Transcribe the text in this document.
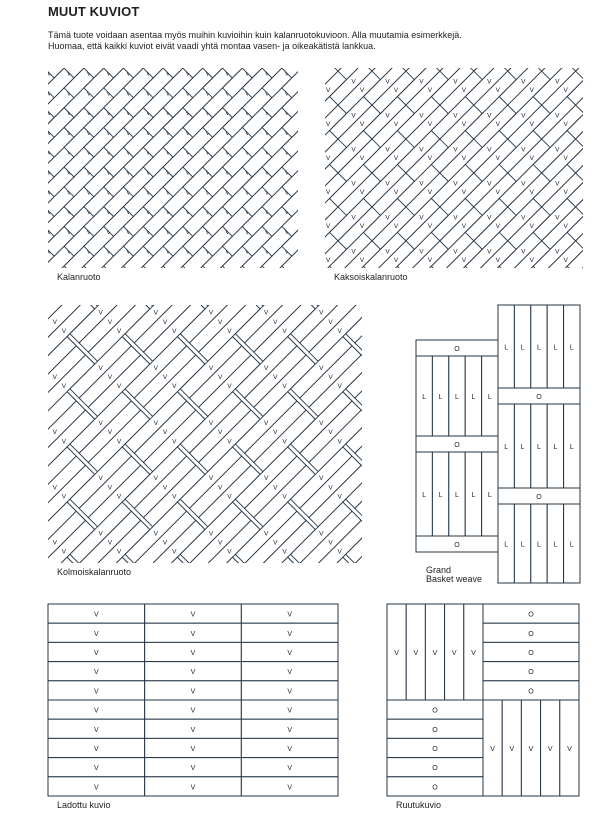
MUUT KUVIOT

Tämä tuote voidaan asentaa myös muihin kuvioihin kuin kalanruotokuvioon. Alla muutamia esimerkkejä.

Huomaa, että kaikki kuviot eivät vaadi yhtä montaa vasen- ja oikeakätistä lankkua.

O
O
O
O
O
O
O
O
O
O
O
O
O
O
O
O
O
O
O
O
O
O
O
O
O
O
O
O
O
O
O
V
O
V
O
V
V
V
V
V
V
V
V
V
V
V
O
V
O
V
O
V
O
V
O
V
V
V
V
V
V
V
V
V
V
V
O
V
O
V
O
V
O
V
O
V
V
V
V
V
V
V
V
V
V
V
O
V
O
O
V
O
V
O
V
V
V
V
V
V
V
V
V
V
V
O
V
O
O
V
O
V
O
V
V
V
V
V
V
V
V
V
V
V
O
V
O
O
V
O
V
O
V
V
V
V
V
V
V
V
V
V
V
O
V
O
O
V
O
V
O
V
V
V
V
V
V
V
V
V
V
V
O
V
O
O
V
O
V
O
V
V
V
V
V
V
V
V
V
V
V
O
V
O
O
V
O
V
O
V
V
V
V
V
V
V
V
V
V
V
O
V
O
O
V
O
V
O
V
V
V
V
V
V
V
V
V
V
V
O
V
O
O
V
O
V
O
V
V
V
V
V
V
V
V
V
V
V
O
V
O
O
V
O
V
O
V
V
V
V
V
V
V
V
V
V
V
O
V
O
O
V
O
V
O
V
V
V
V
V
V
V
V
V
V
V
O
V
O
O
V
O
V
O
V
O
V
O
V
O
V
O
V
O
V
O
V
O
V
O
V
O
V
O
V
O
V
O
O
V
O
V
O
V
V
V
V
V
V
V
V
V
V
V
O
V
O
V
V
V
V
V
V
V
V
V
V
V
V
V
V
V
V
V
V

Kalanruoto

O
O
O
O
O
O
O
O
O
O
O
O
V
O
V
O
O
V
O
V
O
O
V
O
V
O
V
V
V
V
V
V
V
V
V
V
V
V
O
V
O
V
O
O
V
O
V
O
V
V
V
V
V
V
V
V
V
V
V
V
O
V
O
V
O
O
O
V
O
V
O
V
V
V
V
V
V
V
V
V
V
V
V
O
V
O
V
O
O
O
V
O
V
O
V
V
V
V
V
V
V
V
V
V
V
V
O
V
O
V
O
O
O
V
O
V
O
V
V
V
V
V
V
V
V
V
V
V
V
O
V
O
V
O
O
O
V
O
V
O
V
V
V
V
V
V
V
V
V
V
V
V
O
V
O
V
O
O
V
O
V
O
V
V
V
V
V
V
V
V
V
V
V
V
O
V
O
V
O
V
O
V
V
O
V
V
O
V
V
O
V
V
O
V
V
O
V
V
O
V
V
O
V
O
V
V
V
V
V
V
V
V
V
V
V
V
V
V
V
V

Kaksoiskalanruoto

O
O
O
O
O
O
V
O
O
O
V
O
V
O
V
O
V
O
V
O
O
V
V
V
O
V
O
V
O
V
V
V
V
V
V
V
V
V
V
V
V
V
V
O
V
O
V
O
V
O
V
O
V
V
V
V
V
V
V
V
V
V
V
V
V
V
O
V
O
V
O
V
O
V
O
V
V
V
V
V
V
V
V
V
V
V
V
V
V
O
V
O
V
O
V
O
V
O
V
V
V
V
V
V
V
V
V
V
V
V
V
V
O
V
O
V
O
V
O
V
O
V
V
V
V
V
V
V
V
V
V
V
V
V
V
O
V
O
V
V
O
V
O
V
O
V
O
V
O
V
O
V
O
V
O
V
O
V
O
V
O
V
O
V
O
V
O
V
O
V
O
V
O
V
O
V
V
V
V
V
V
V
V
V
V
V
V
V
V
V
V
V
V
V

Kolmoiskalanruoto

O
L L L L L
O
L L L L L
O
L L L L L
O
L L L L L
O
L L L L L

Grand
Basket weave

V	V	V
V	V	V
V	V	V
V	V	V
V	V	V
V	V	V
V	V	V
V	V	V
V	V	V
V	V	V

Ladottu kuvio

V V V V V
O
O
O
O
O
O
O
O
O
O
V V V V V

Ruutukuvio
